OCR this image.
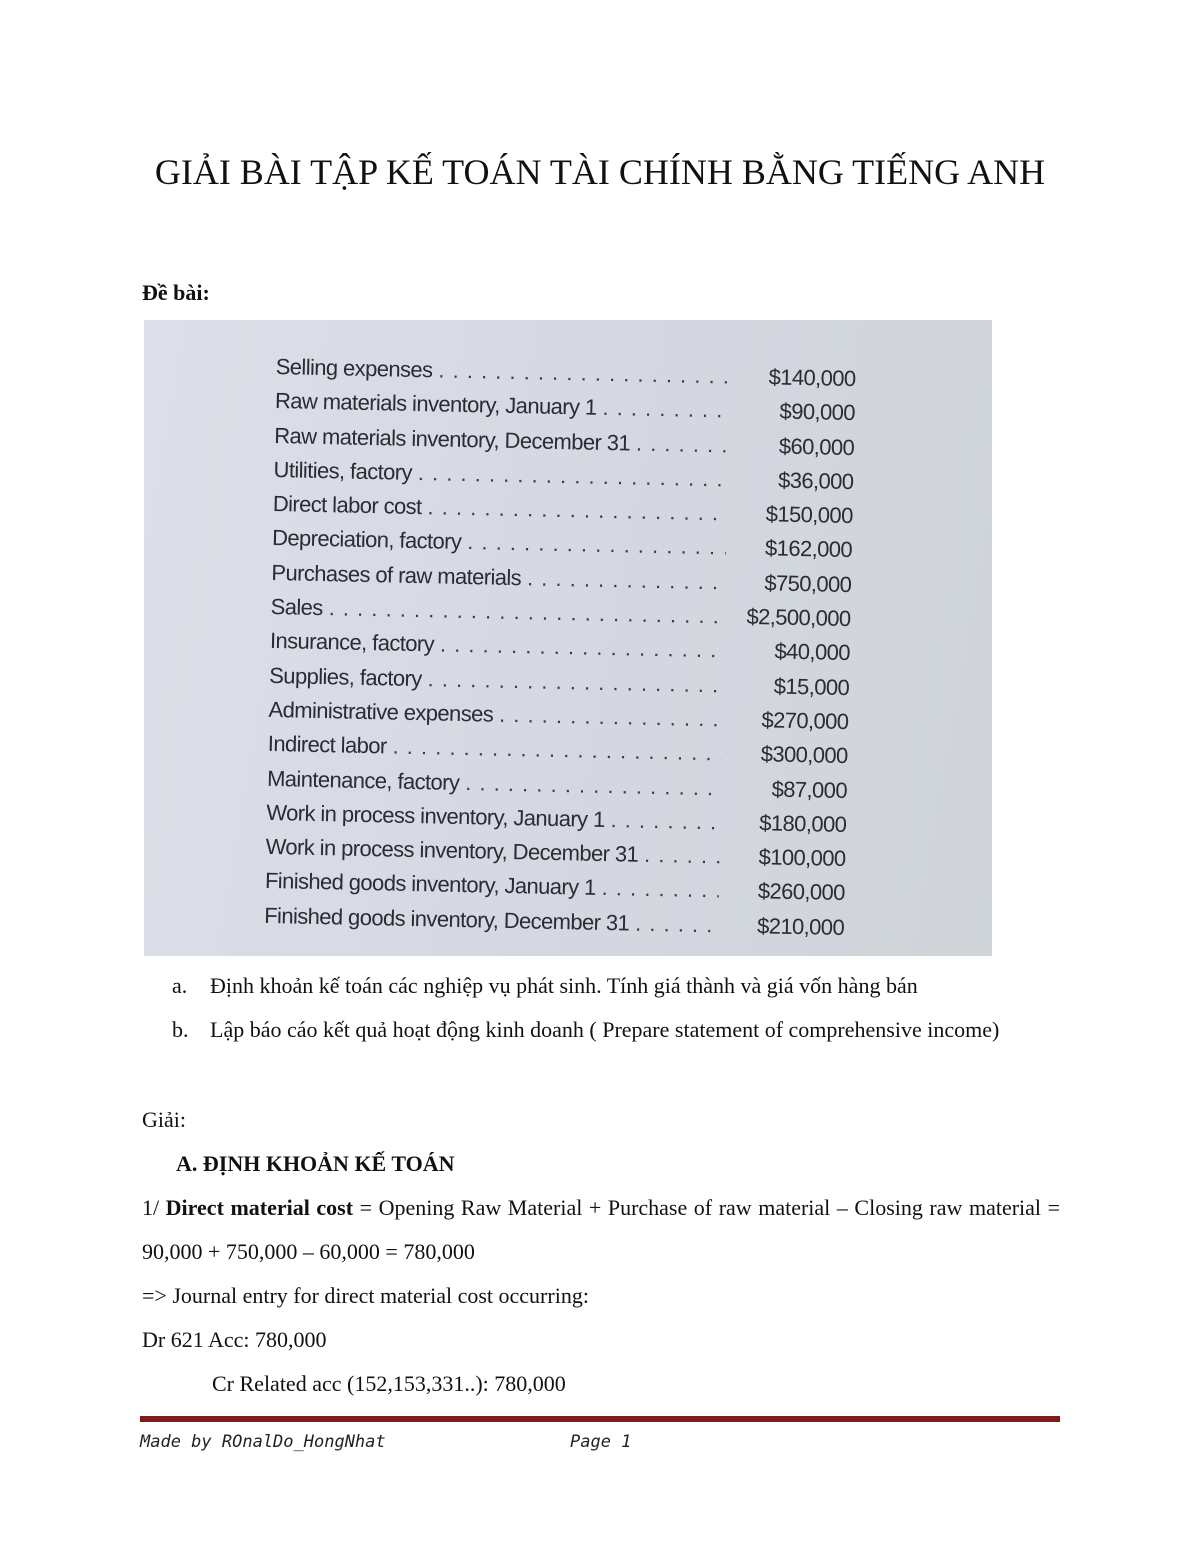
GIẢI BÀI TẬP KẾ TOÁN TÀI CHÍNH BẰNG TIẾNG ANH

Đề bài:

Selling expenses . . .	$140,000
Raw materials inventory, January 1 . . .	$90,000
Raw materials inventory, December 31 . . .	$60,000
Utilities, factory . . .	$36,000
Direct labor cost . . .	$150,000
Depreciation, factory . . .	$162,000
Purchases of raw materials . . .	$750,000
Sales . . .	$2,500,000
Insurance, factory . . .	$40,000
Supplies, factory . . .	$15,000
Administrative expenses . . .	$270,000
Indirect labor . . .	$300,000
Maintenance, factory . . .	$87,000
Work in process inventory, January 1 . . .	$180,000
Work in process inventory, December 31 . . .	$100,000
Finished goods inventory, January 1 . . .	$260,000
Finished goods inventory, December 31 . . .	$210,000
a.	Định khoản kế toán các nghiệp vụ phát sinh. Tính giá thành và giá vốn hàng bán
b. Lập báo cáo kết quả hoạt động kinh doanh ( Prepare statement of comprehensive income)

Giải:

A. ĐỊNH KHOẢN KẾ TOÁN

1/ Direct material cost = Opening Raw Material + Purchase of raw material – Closing raw material = 90,000 + 750,000 – 60,000 = 780,000

=> Journal entry for direct material cost occurring:

Dr 621 Acc: 780,000

Cr Related acc (152,153,331..): 780,000

Made by ROnalDo_HongNhat	Page 1
